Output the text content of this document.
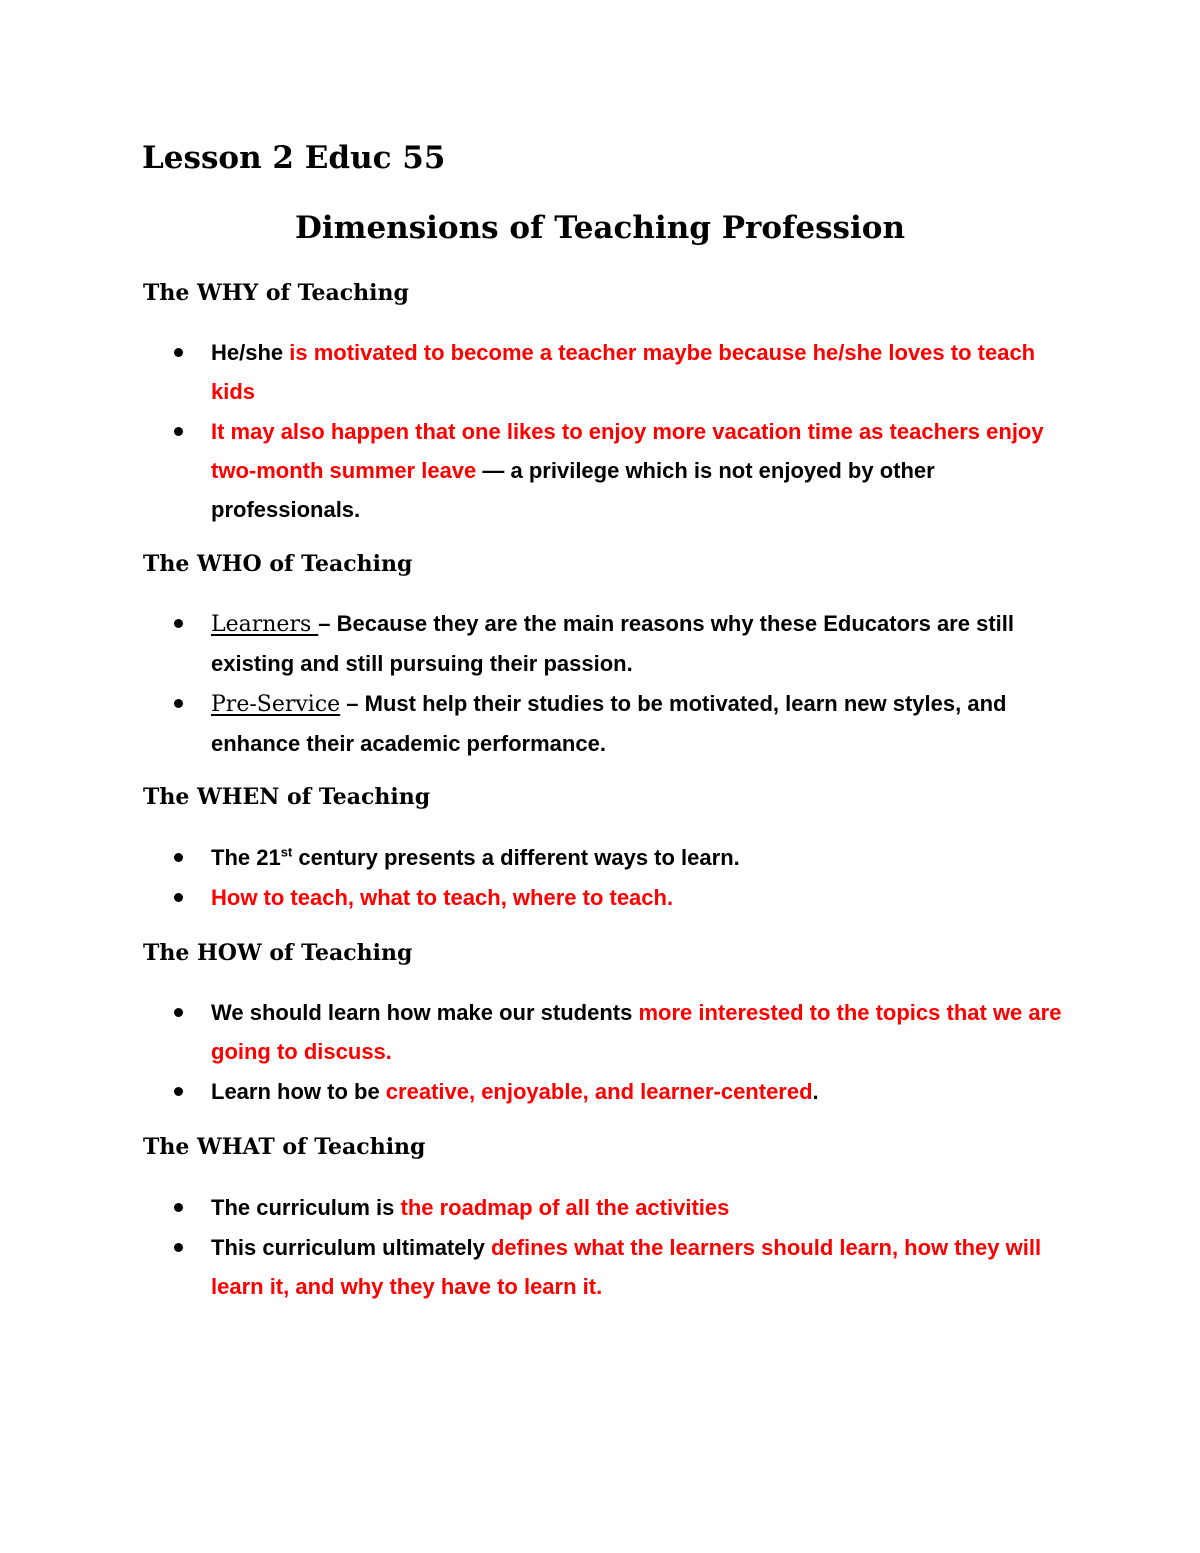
Lesson 2 Educ 55
Dimensions of Teaching Profession
The WHY of Teaching
He/she is motivated to become a teacher maybe because he/she loves to teach kids
It may also happen that one likes to enjoy more vacation time as teachers enjoy two-month summer leave — a privilege which is not enjoyed by other professionals.
The WHO of Teaching
Learners – Because they are the main reasons why these Educators are still existing and still pursuing their passion.
Pre-Service – Must help their studies to be motivated, learn new styles, and enhance their academic performance.
The WHEN of Teaching
The 21st century presents a different ways to learn.
How to teach, what to teach, where to teach.
The HOW of Teaching
We should learn how make our students more interested to the topics that we are going to discuss.
Learn how to be creative, enjoyable, and learner-centered.
The WHAT of Teaching
The curriculum is the roadmap of all the activities
This curriculum ultimately defines what the learners should learn, how they will learn it, and why they have to learn it.
